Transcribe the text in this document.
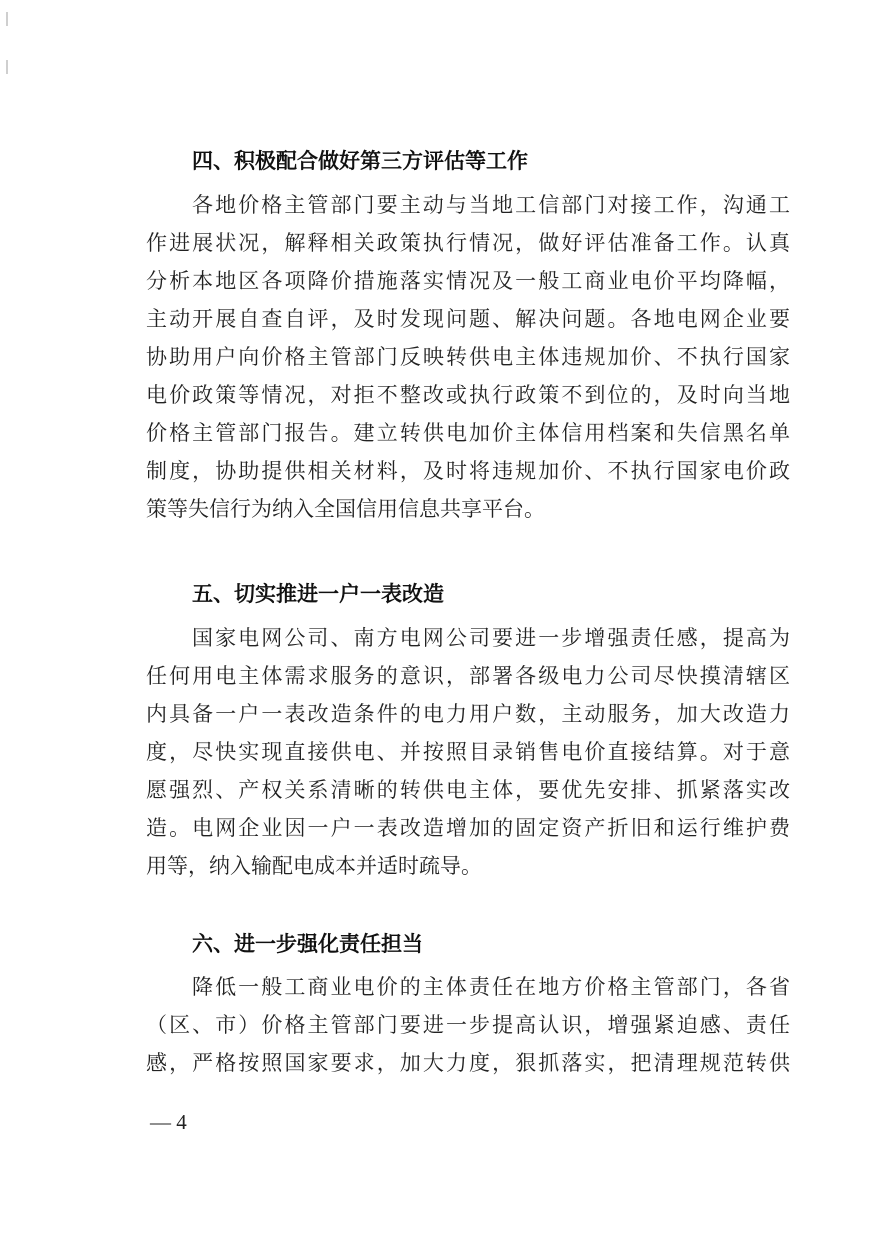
四、积极配合做好第三方评估等工作
各地价格主管部门要主动与当地工信部门对接工作，沟通工
作进展状况，解释相关政策执行情况，做好评估准备工作。认真
分析本地区各项降价措施落实情况及一般工商业电价平均降幅，
主动开展自查自评，及时发现问题、解决问题。各地电网企业要
协助用户向价格主管部门反映转供电主体违规加价、不执行国家
电价政策等情况，对拒不整改或执行政策不到位的，及时向当地
价格主管部门报告。建立转供电加价主体信用档案和失信黑名单
制度，协助提供相关材料，及时将违规加价、不执行国家电价政
策等失信行为纳入全国信用信息共享平台。
五、切实推进一户一表改造
国家电网公司、南方电网公司要进一步增强责任感，提高为
任何用电主体需求服务的意识，部署各级电力公司尽快摸清辖区
内具备一户一表改造条件的电力用户数，主动服务，加大改造力
度，尽快实现直接供电、并按照目录销售电价直接结算。对于意
愿强烈、产权关系清晰的转供电主体，要优先安排、抓紧落实改
造。电网企业因一户一表改造增加的固定资产折旧和运行维护费
用等，纳入输配电成本并适时疏导。
六、进一步强化责任担当
降低一般工商业电价的主体责任在地方价格主管部门，各省
（区、市）价格主管部门要进一步提高认识，增强紧迫感、责任
感，严格按照国家要求，加大力度，狠抓落实，把清理规范转供
— 4
